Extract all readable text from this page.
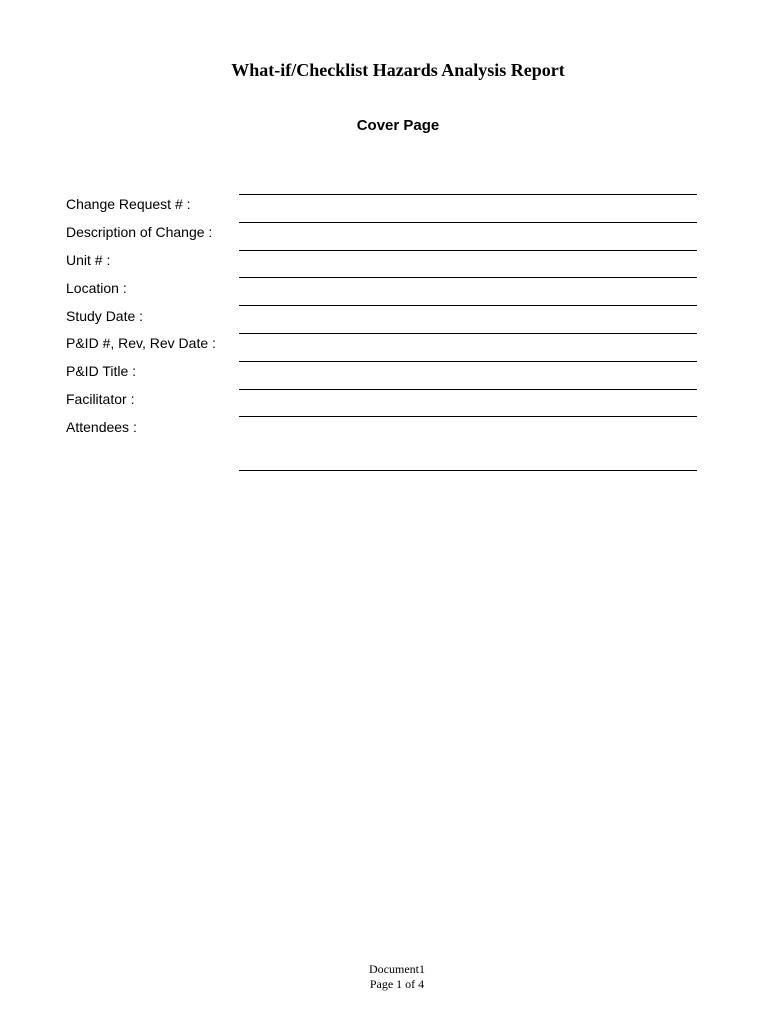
What-if/Checklist Hazards Analysis Report
Cover Page
Change Request # :
Description of Change :
Unit # :
Location :
Study Date :
P&ID #, Rev, Rev Date :
P&ID Title :
Facilitator :
Attendees :
Document1
Page 1 of 4
